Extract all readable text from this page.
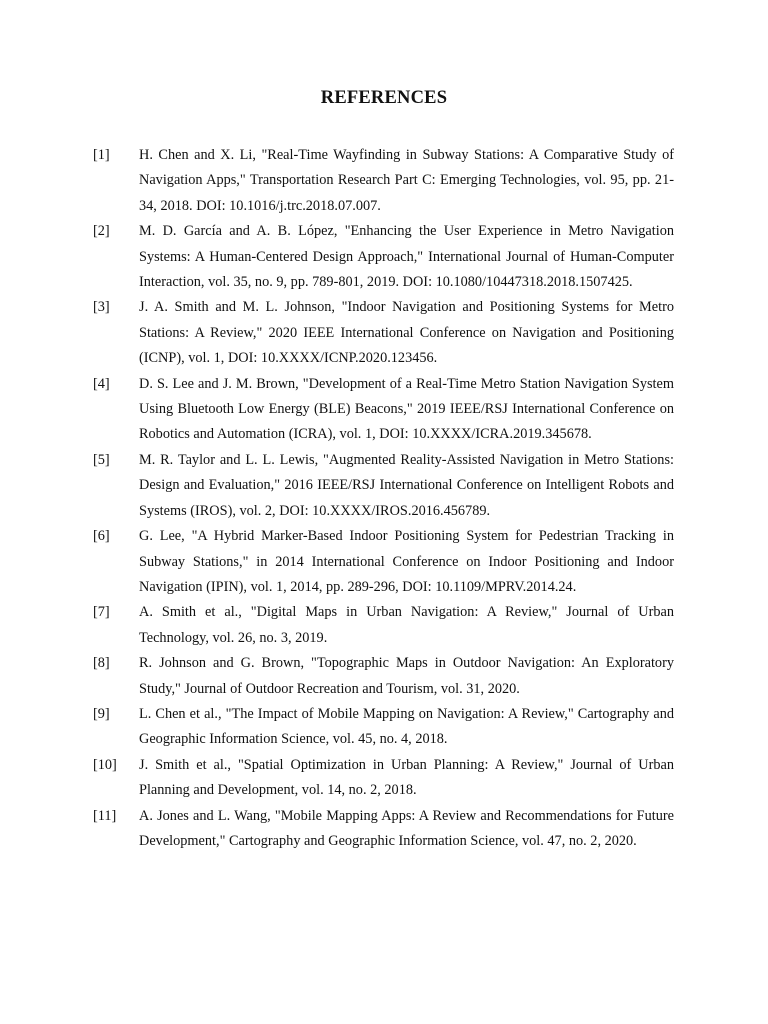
REFERENCES
[1]	H. Chen and X. Li, "Real-Time Wayfinding in Subway Stations: A Comparative Study of Navigation Apps," Transportation Research Part C: Emerging Technologies, vol. 95, pp. 21-34, 2018. DOI: 10.1016/j.trc.2018.07.007.
[2]	M. D. García and A. B. López, "Enhancing the User Experience in Metro Navigation Systems: A Human-Centered Design Approach," International Journal of Human-Computer Interaction, vol. 35, no. 9, pp. 789-801, 2019. DOI: 10.1080/10447318.2018.1507425.
[3]	J. A. Smith and M. L. Johnson, "Indoor Navigation and Positioning Systems for Metro Stations: A Review," 2020 IEEE International Conference on Navigation and Positioning (ICNP), vol. 1, DOI: 10.XXXX/ICNP.2020.123456.
[4]	D. S. Lee and J. M. Brown, "Development of a Real-Time Metro Station Navigation System Using Bluetooth Low Energy (BLE) Beacons," 2019 IEEE/RSJ International Conference on Robotics and Automation (ICRA), vol. 1, DOI: 10.XXXX/ICRA.2019.345678.
[5]	M. R. Taylor and L. L. Lewis, "Augmented Reality-Assisted Navigation in Metro Stations: Design and Evaluation," 2016 IEEE/RSJ International Conference on Intelligent Robots and Systems (IROS), vol. 2, DOI: 10.XXXX/IROS.2016.456789.
[6]	G. Lee, "A Hybrid Marker-Based Indoor Positioning System for Pedestrian Tracking in Subway Stations," in 2014 International Conference on Indoor Positioning and Indoor Navigation (IPIN), vol. 1, 2014, pp. 289-296, DOI: 10.1109/MPRV.2014.24.
[7]	A. Smith et al., "Digital Maps in Urban Navigation: A Review," Journal of Urban Technology, vol. 26, no. 3, 2019.
[8]	R. Johnson and G. Brown, "Topographic Maps in Outdoor Navigation: An Exploratory Study," Journal of Outdoor Recreation and Tourism, vol. 31, 2020.
[9]	L. Chen et al., "The Impact of Mobile Mapping on Navigation: A Review," Cartography and Geographic Information Science, vol. 45, no. 4, 2018.
[10]	J. Smith et al., "Spatial Optimization in Urban Planning: A Review," Journal of Urban Planning and Development, vol. 14, no. 2, 2018.
[11]	A. Jones and L. Wang, "Mobile Mapping Apps: A Review and Recommendations for Future Development," Cartography and Geographic Information Science, vol. 47, no. 2, 2020.
